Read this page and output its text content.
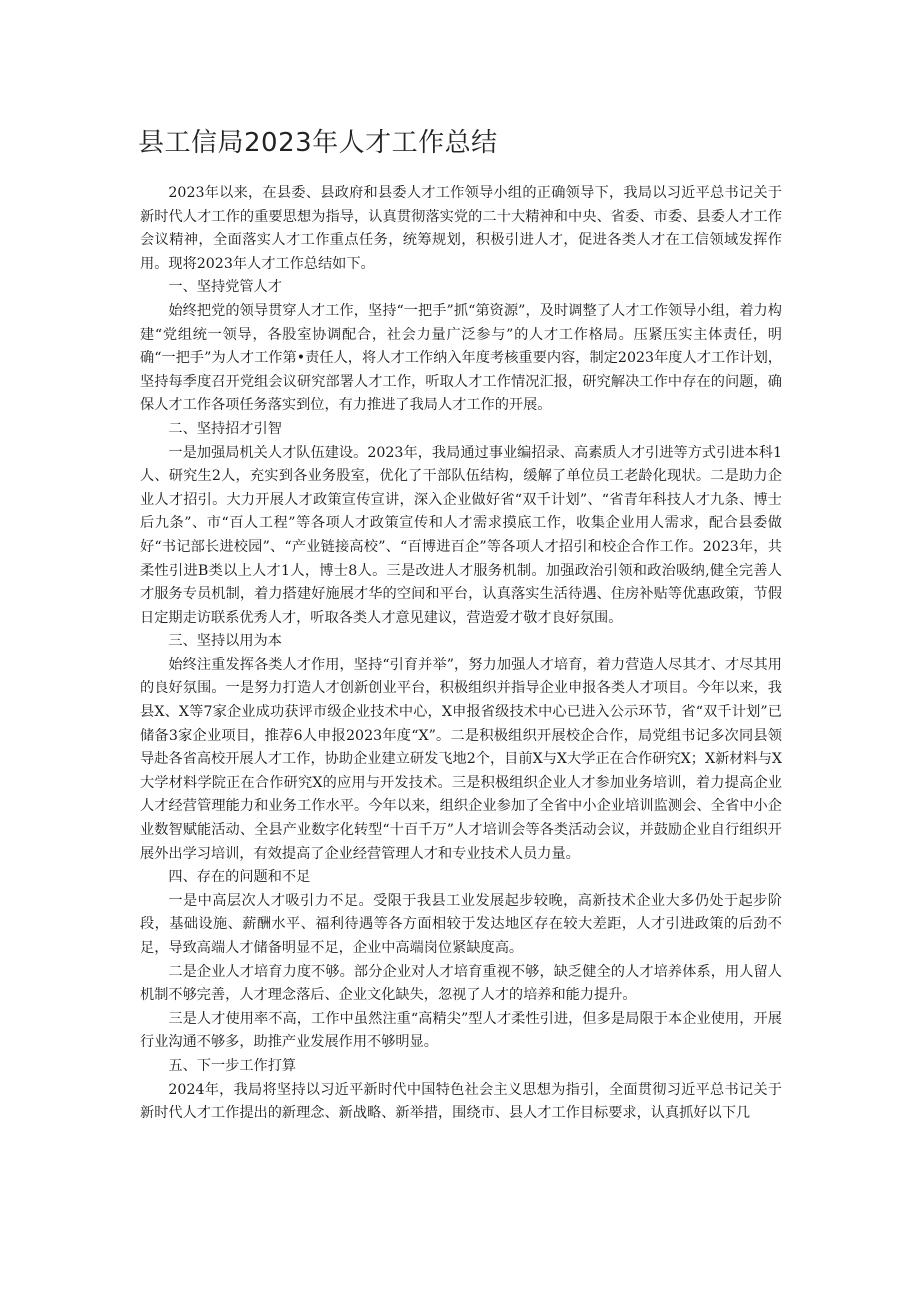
县工信局2023年人才工作总结

2023年以来，在县委、县政府和县委人才工作领导小组的正确领导下，我局以习近平总书记关于新时代人才工作的重要思想为指导，认真贯彻落实党的二十大精神和中央、省委、市委、县委人才工作会议精神，全面落实人才工作重点任务，统筹规划，积极引进人才，促进各类人才在工信领域发挥作用。现将2023年人才工作总结如下。

一、坚持党管人才

始终把党的领导贯穿人才工作，坚持“一把手”抓“第资源”，及时调整了人才工作领导小组，着力构建“党组统一领导，各股室协调配合，社会力量广泛参与”的人才工作格局。压紧压实主体责任，明确“一把手”为人才工作第•责任人，将人才工作纳入年度考核重要内容，制定2023年度人才工作计划，坚持每季度召开党组会议研究部署人才工作，听取人才工作情况汇报，研究解决工作中存在的问题，确保人才工作各项任务落实到位，有力推进了我局人才工作的开展。

二、坚持招才引智

一是加强局机关人才队伍建设。2023年，我局通过事业编招录、高素质人才引进等方式引进本科1人、研究生2人，充实到各业务股室，优化了干部队伍结构，缓解了单位员工老龄化现状。二是助力企业人才招引。大力开展人才政策宣传宣讲，深入企业做好省“双千计划”、“省青年科技人才九条、博士后九条”、市“百人工程”等各项人才政策宣传和人才需求摸底工作，收集企业用人需求，配合县委做好“书记部长进校园”、“产业链接高校”、“百博进百企”等各项人才招引和校企合作工作。2023年，共柔性引进B类以上人才1人，博士8人。三是改进人才服务机制。加强政治引领和政治吸纳,健全完善人才服务专员机制，着力搭建好施展才华的空间和平台，认真落实生活待遇、住房补贴等优惠政策，节假日定期走访联系优秀人才，听取各类人才意见建议，营造爱才敬才良好氛围。

三、坚持以用为本

始终注重发挥各类人才作用，坚持“引育并举”，努力加强人才培育，着力营造人尽其才、才尽其用的良好氛围。一是努力打造人才创新创业平台，积极组织并指导企业申报各类人才项目。今年以来，我县X、X等7家企业成功获评市级企业技术中心，X申报省级技术中心已进入公示环节，省“双千计划”已储备3家企业项目，推荐6人申报2023年度“X”。二是积极组织开展校企合作，局党组书记多次同县领导赴各省高校开展人才工作，协助企业建立研发飞地2个，目前X与X大学正在合作研究X；X新材料与X大学材料学院正在合作研究X的应用与开发技术。三是积极组织企业人才参加业务培训，着力提高企业人才经营管理能力和业务工作水平。今年以来，组织企业参加了全省中小企业培训监测会、全省中小企业数智赋能活动、全县产业数字化转型“十百千万”人才培训会等各类活动会议，并鼓励企业自行组织开展外出学习培训，有效提高了企业经营管理人才和专业技术人员力量。

四、存在的问题和不足

一是中高层次人才吸引力不足。受限于我县工业发展起步较晚，高新技术企业大多仍处于起步阶段，基础设施、薪酬水平、福利待遇等各方面相较于发达地区存在较大差距，人才引进政策的后劲不足，导致高端人才储备明显不足，企业中高端岗位紧缺度高。

二是企业人才培育力度不够。部分企业对人才培育重视不够，缺乏健全的人才培养体系，用人留人机制不够完善，人才理念落后、企业文化缺失，忽视了人才的培养和能力提升。

三是人才使用率不高，工作中虽然注重“高精尖”型人才柔性引进，但多是局限于本企业使用，开展行业沟通不够多，助推产业发展作用不够明显。

五、下一步工作打算

2024年，我局将坚持以习近平新时代中国特色社会主义思想为指引，全面贯彻习近平总书记关于新时代人才工作提出的新理念、新战略、新举措，围绕市、县人才工作目标要求，认真抓好以下几
